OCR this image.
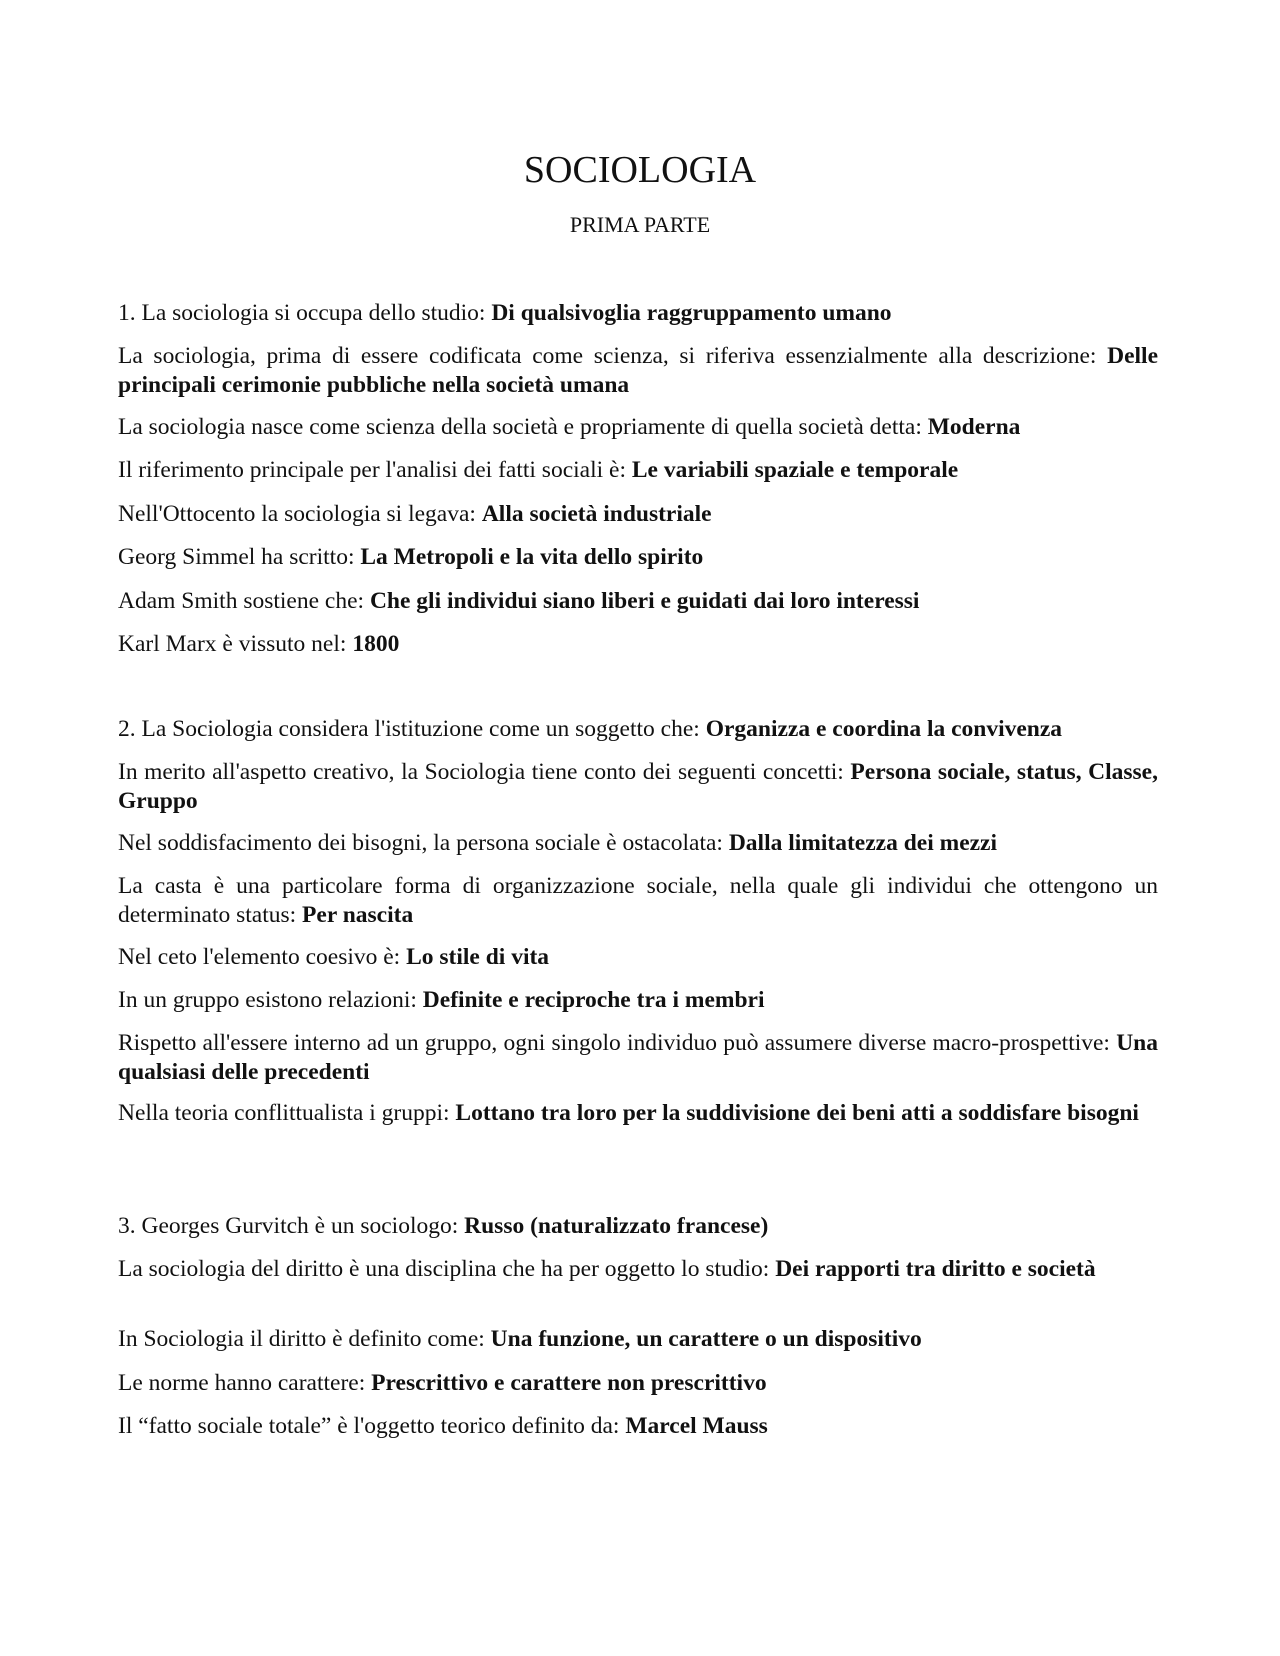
SOCIOLOGIA
PRIMA PARTE

1. La sociologia si occupa dello studio: Di qualsivoglia raggruppamento umano

La sociologia, prima di essere codificata come scienza, si riferiva essenzialmente alla descrizione: Delle principali cerimonie pubbliche nella società umana

La sociologia nasce come scienza della società e propriamente di quella società detta: Moderna

Il riferimento principale per l'analisi dei fatti sociali è: Le variabili spaziale e temporale

Nell'Ottocento la sociologia si legava: Alla società industriale

Georg Simmel ha scritto: La Metropoli e la vita dello spirito

Adam Smith sostiene che: Che gli individui siano liberi e guidati dai loro interessi

Karl Marx è vissuto nel: 1800

2. La Sociologia considera l'istituzione come un soggetto che: Organizza e coordina la convivenza

In merito all'aspetto creativo, la Sociologia tiene conto dei seguenti concetti: Persona sociale, status, Classe, Gruppo

Nel soddisfacimento dei bisogni, la persona sociale è ostacolata: Dalla limitatezza dei mezzi

La casta è una particolare forma di organizzazione sociale, nella quale gli individui che ottengono un determinato status: Per nascita

Nel ceto l'elemento coesivo è: Lo stile di vita

In un gruppo esistono relazioni: Definite e reciproche tra i membri

Rispetto all'essere interno ad un gruppo, ogni singolo individuo può assumere diverse macro-prospettive: Una qualsiasi delle precedenti

Nella teoria conflittualista i gruppi: Lottano tra loro per la suddivisione dei beni atti a soddisfare bisogni

3. Georges Gurvitch è un sociologo: Russo (naturalizzato francese)

La sociologia del diritto è una disciplina che ha per oggetto lo studio: Dei rapporti tra diritto e società

In Sociologia il diritto è definito come: Una funzione, un carattere o un dispositivo

Le norme hanno carattere: Prescrittivo e carattere non prescrittivo

Il “fatto sociale totale” è l'oggetto teorico definito da: Marcel Mauss
